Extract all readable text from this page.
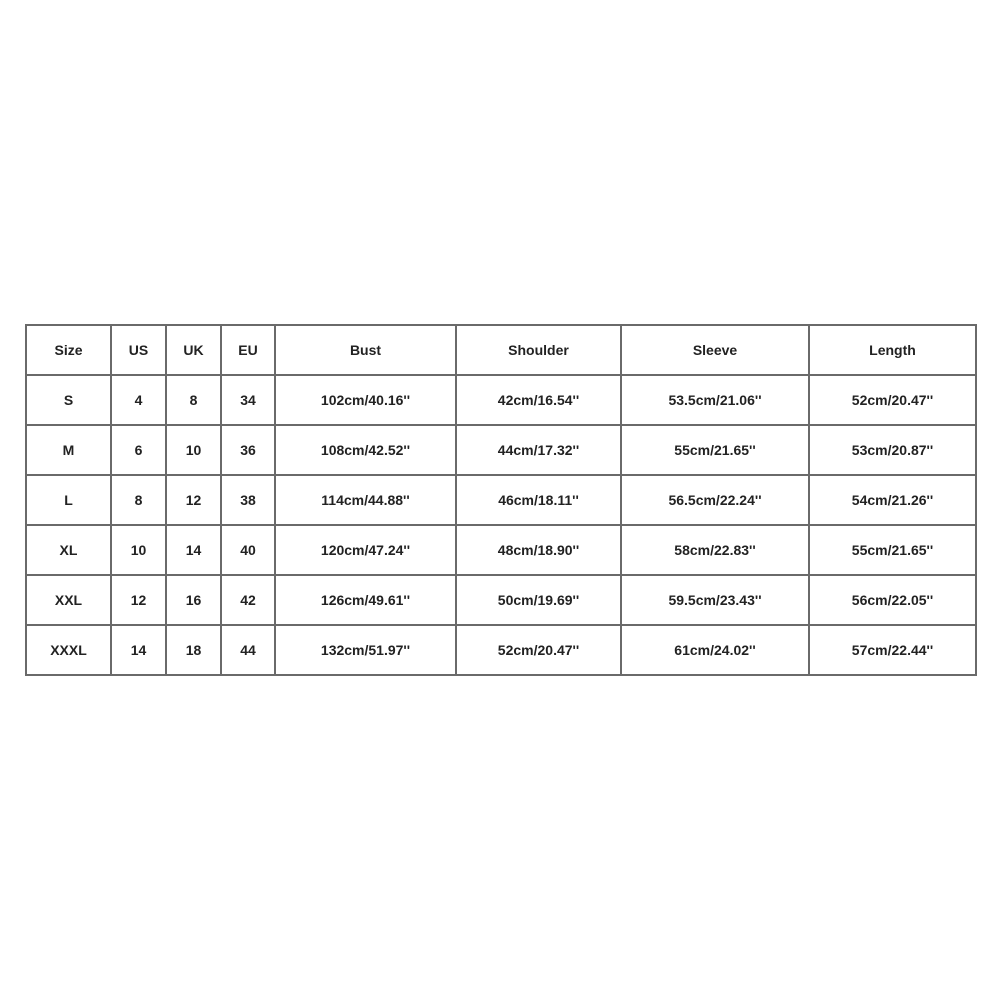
Size	US	UK	EU	Bust	Shoulder	Sleeve	Length
S	4	8	34	102cm/40.16''	42cm/16.54''	53.5cm/21.06''	52cm/20.47''
M	6	10	36	108cm/42.52''	44cm/17.32''	55cm/21.65''	53cm/20.87''
L	8	12	38	114cm/44.88''	46cm/18.11''	56.5cm/22.24''	54cm/21.26''
XL	10	14	40	120cm/47.24''	48cm/18.90''	58cm/22.83''	55cm/21.65''
XXL	12	16	42	126cm/49.61''	50cm/19.69''	59.5cm/23.43''	56cm/22.05''
XXXL	14	18	44	132cm/51.97''	52cm/20.47''	61cm/24.02''	57cm/22.44''
